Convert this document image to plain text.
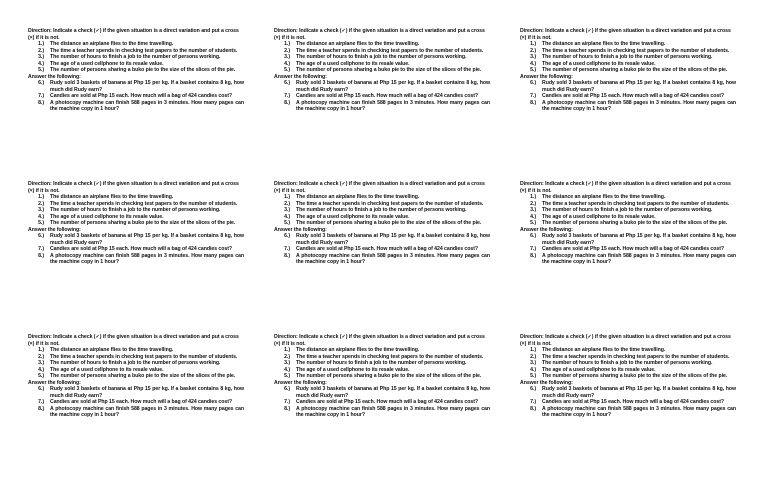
Direction: Indicate a check (✓) if the given situation is a direct variation and put a cross (×) if it is not.
1.)	The distance an airplane flies to the time travelling.
2.)	The time a teacher spends in checking test papers to the number of students.
3.)	The number of hours to finish a job to the number of persons working.
4.)	The age of a used cellphone to its resale value.
5.)	The number of persons sharing a buko pie to the size of the slices of the pie.
Answer the following:
6.)	Rudy sold 3 baskets of banana at Php 15 per kg. If a basket contains 8 kg, how much did Rudy earn?
7.)	Candies are sold at Php 15 each. How much will a bag of 424 candies cost?
8.)	A photocopy machine can finish 588 pages in 3 minutes. How many pages can the machine copy in 1 hour?
Direction: Indicate a check (✓) if the given situation is a direct variation and put a cross (×) if it is not.
1.)	The distance an airplane flies to the time travelling.
2.)	The time a teacher spends in checking test papers to the number of students.
3.)	The number of hours to finish a job to the number of persons working.
4.)	The age of a used cellphone to its resale value.
5.)	The number of persons sharing a buko pie to the size of the slices of the pie.
Answer the following:
6.)	Rudy sold 3 baskets of banana at Php 15 per kg. If a basket contains 8 kg, how much did Rudy earn?
7.)	Candies are sold at Php 15 each. How much will a bag of 424 candies cost?
8.)	A photocopy machine can finish 588 pages in 3 minutes. How many pages can the machine copy in 1 hour?
Direction: Indicate a check (✓) if the given situation is a direct variation and put a cross (×) if it is not.
1.)	The distance an airplane flies to the time travelling.
2.)	The time a teacher spends in checking test papers to the number of students.
3.)	The number of hours to finish a job to the number of persons working.
4.)	The age of a used cellphone to its resale value.
5.)	The number of persons sharing a buko pie to the size of the slices of the pie.
Answer the following:
6.)	Rudy sold 3 baskets of banana at Php 15 per kg. If a basket contains 8 kg, how much did Rudy earn?
7.)	Candies are sold at Php 15 each. How much will a bag of 424 candies cost?
8.)	A photocopy machine can finish 588 pages in 3 minutes. How many pages can the machine copy in 1 hour?
Direction: Indicate a check (✓) if the given situation is a direct variation and put a cross (×) if it is not.
1.)	The distance an airplane flies to the time travelling.
2.)	The time a teacher spends in checking test papers to the number of students.
3.)	The number of hours to finish a job to the number of persons working.
4.)	The age of a used cellphone to its resale value.
5.)	The number of persons sharing a buko pie to the size of the slices of the pie.
Answer the following:
6.)	Rudy sold 3 baskets of banana at Php 15 per kg. If a basket contains 8 kg, how much did Rudy earn?
7.)	Candies are sold at Php 15 each. How much will a bag of 424 candies cost?
8.)	A photocopy machine can finish 588 pages in 3 minutes. How many pages can the machine copy in 1 hour?
Direction: Indicate a check (✓) if the given situation is a direct variation and put a cross (×) if it is not.
1.)	The distance an airplane flies to the time travelling.
2.)	The time a teacher spends in checking test papers to the number of students.
3.)	The number of hours to finish a job to the number of persons working.
4.)	The age of a used cellphone to its resale value.
5.)	The number of persons sharing a buko pie to the size of the slices of the pie.
Answer the following:
6.)	Rudy sold 3 baskets of banana at Php 15 per kg. If a basket contains 8 kg, how much did Rudy earn?
7.)	Candies are sold at Php 15 each. How much will a bag of 424 candies cost?
8.)	A photocopy machine can finish 588 pages in 3 minutes. How many pages can the machine copy in 1 hour?
Direction: Indicate a check (✓) if the given situation is a direct variation and put a cross (×) if it is not.
1.)	The distance an airplane flies to the time travelling.
2.)	The time a teacher spends in checking test papers to the number of students.
3.)	The number of hours to finish a job to the number of persons working.
4.)	The age of a used cellphone to its resale value.
5.)	The number of persons sharing a buko pie to the size of the slices of the pie.
Answer the following:
6.)	Rudy sold 3 baskets of banana at Php 15 per kg. If a basket contains 8 kg, how much did Rudy earn?
7.)	Candies are sold at Php 15 each. How much will a bag of 424 candies cost?
8.)	A photocopy machine can finish 588 pages in 3 minutes. How many pages can the machine copy in 1 hour?
Direction: Indicate a check (✓) if the given situation is a direct variation and put a cross (×) if it is not.
1.)	The distance an airplane flies to the time travelling.
2.)	The time a teacher spends in checking test papers to the number of students.
3.)	The number of hours to finish a job to the number of persons working.
4.)	The age of a used cellphone to its resale value.
5.)	The number of persons sharing a buko pie to the size of the slices of the pie.
Answer the following:
6.)	Rudy sold 3 baskets of banana at Php 15 per kg. If a basket contains 8 kg, how much did Rudy earn?
7.)	Candies are sold at Php 15 each. How much will a bag of 424 candies cost?
8.)	A photocopy machine can finish 588 pages in 3 minutes. How many pages can the machine copy in 1 hour?
Direction: Indicate a check (✓) if the given situation is a direct variation and put a cross (×) if it is not.
1.)	The distance an airplane flies to the time travelling.
2.)	The time a teacher spends in checking test papers to the number of students.
3.)	The number of hours to finish a job to the number of persons working.
4.)	The age of a used cellphone to its resale value.
5.)	The number of persons sharing a buko pie to the size of the slices of the pie.
Answer the following:
6.)	Rudy sold 3 baskets of banana at Php 15 per kg. If a basket contains 8 kg, how much did Rudy earn?
7.)	Candies are sold at Php 15 each. How much will a bag of 424 candies cost?
8.)	A photocopy machine can finish 588 pages in 3 minutes. How many pages can the machine copy in 1 hour?
Direction: Indicate a check (✓) if the given situation is a direct variation and put a cross (×) if it is not.
1.)	The distance an airplane flies to the time travelling.
2.)	The time a teacher spends in checking test papers to the number of students.
3.)	The number of hours to finish a job to the number of persons working.
4.)	The age of a used cellphone to its resale value.
5.)	The number of persons sharing a buko pie to the size of the slices of the pie.
Answer the following:
6.)	Rudy sold 3 baskets of banana at Php 15 per kg. If a basket contains 8 kg, how much did Rudy earn?
7.)	Candies are sold at Php 15 each. How much will a bag of 424 candies cost?
8.)	A photocopy machine can finish 588 pages in 3 minutes. How many pages can the machine copy in 1 hour?
